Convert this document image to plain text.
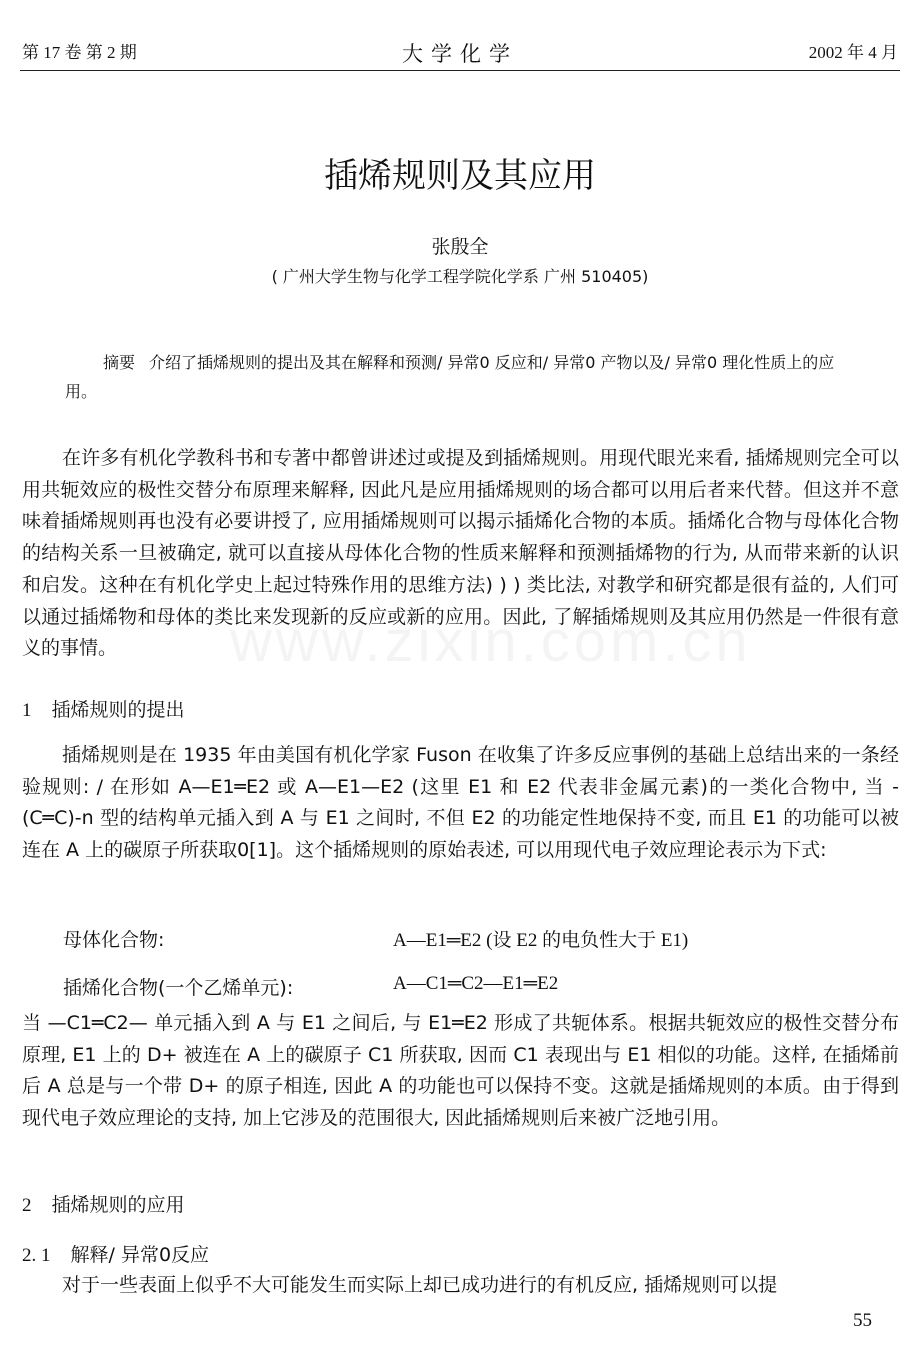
第 17 卷 第 2 期	大学化学	2002 年 4 月
插烯规则及其应用
张殷全
( 广州大学生物与化学工程学院化学系 广州 510405)
摘要 介绍了插烯规则的提出及其在解释和预测/ 异常0 反应和/ 异常0 产物以及/ 异常0 理化性质上的应用。
在许多有机化学教科书和专著中都曾讲述过或提及到插烯规则。用现代眼光来看, 插烯规则完全可以用共轭效应的极性交替分布原理来解释, 因此凡是应用插烯规则的场合都可以用后者来代替。但这并不意味着插烯规则再也没有必要讲授了, 应用插烯规则可以揭示插烯化合物的本质。插烯化合物与母体化合物的结构关系一旦被确定, 就可以直接从母体化合物的性质来解释和预测插烯物的行为, 从而带来新的认识和启发。这种在有机化学史上起过特殊作用的思维方法) ) ) 类比法, 对教学和研究都是很有益的, 人们可以通过插烯物和母体的类比来发现新的反应或新的应用。因此, 了解插烯规则及其应用仍然是一件很有意义的事情。
1 插烯规则的提出
插烯规则是在 1935 年由美国有机化学家 Fuson 在收集了许多反应事例的基础上总结出来的一条经验规则: / 在形如 A—E1═E2 或 A—E1—E2 (这里 E1 和 E2 代表非金属元素)的一类化合物中, 当 -(C═C)-n 型的结构单元插入到 A 与 E1 之间时, 不但 E2 的功能定性地保持不变, 而且 E1 的功能可以被连在 A 上的碳原子所获取0[1]。这个插烯规则的原始表述, 可以用现代电子效应理论表示为下式:
母体化合物:	A—E1═E2 (设 E2 的电负性大于 E1)
插烯化合物(一个乙烯单元):	A—C1═C2—E1═E2
当 —C1═C2— 单元插入到 A 与 E1 之间后, 与 E1═E2 形成了共轭体系。根据共轭效应的极性交替分布原理, E1 上的 D+ 被连在 A 上的碳原子 C1 所获取, 因而 C1 表现出与 E1 相似的功能。这样, 在插烯前后 A 总是与一个带 D+ 的原子相连, 因此 A 的功能也可以保持不变。这就是插烯规则的本质。由于得到现代电子效应理论的支持, 加上它涉及的范围很大, 因此插烯规则后来被广泛地引用。
2 插烯规则的应用
2. 1 解释/ 异常0反应
对于一些表面上似乎不大可能发生而实际上却已成功进行的有机反应, 插烯规则可以提
55
